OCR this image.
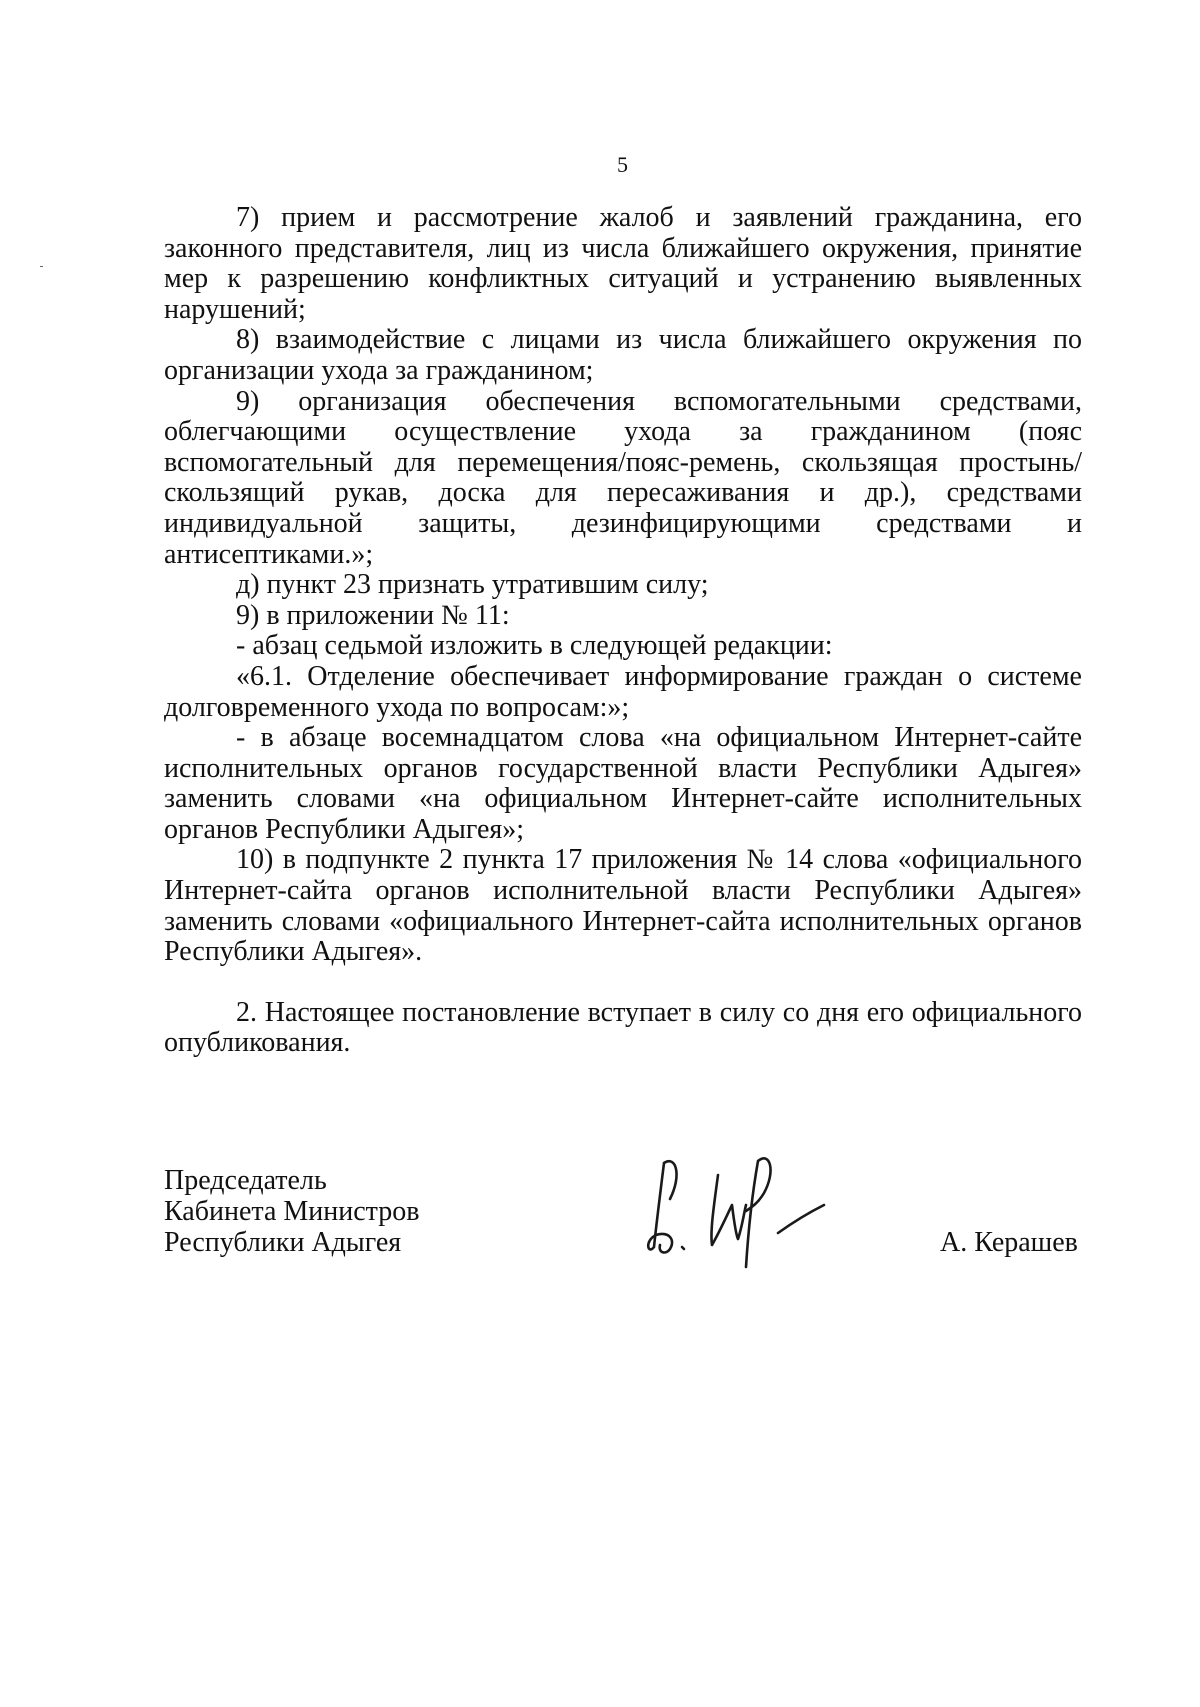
5

7) прием и рассмотрение жалоб и заявлений гражданина, его законного представителя, лиц из числа ближайшего окружения, принятие мер к разрешению конфликтных ситуаций и устранению выявленных нарушений;

8) взаимодействие с лицами из числа ближайшего окружения по организации ухода за гражданином;

9) организация обеспечения вспомогательными средствами, облегчающими осуществление ухода за гражданином (пояс вспомогательный для перемещения/пояс-ремень, скользящая простынь/скользящий рукав, доска для пересаживания и др.), средствами индивидуальной защиты, дезинфицирующими средствами и антисептиками.»;

д) пункт 23 признать утратившим силу;

9) в приложении № 11:

- абзац седьмой изложить в следующей редакции:

«6.1. Отделение обеспечивает информирование граждан о системе долговременного ухода по вопросам:»;

- в абзаце восемнадцатом слова «на официальном Интернет-сайте исполнительных органов государственной власти Республики Адыгея» заменить словами «на официальном Интернет-сайте исполнительных органов Республики Адыгея»;

10) в подпункте 2 пункта 17 приложения № 14 слова «официального Интернет-сайта органов исполнительной власти Республики Адыгея» заменить словами «официального Интернет-сайта исполнительных органов Республики Адыгея».

2. Настоящее постановление вступает в силу со дня его официального опубликования.

Председатель
Кабинета Министров
Республики Адыгея	А. Керашев
